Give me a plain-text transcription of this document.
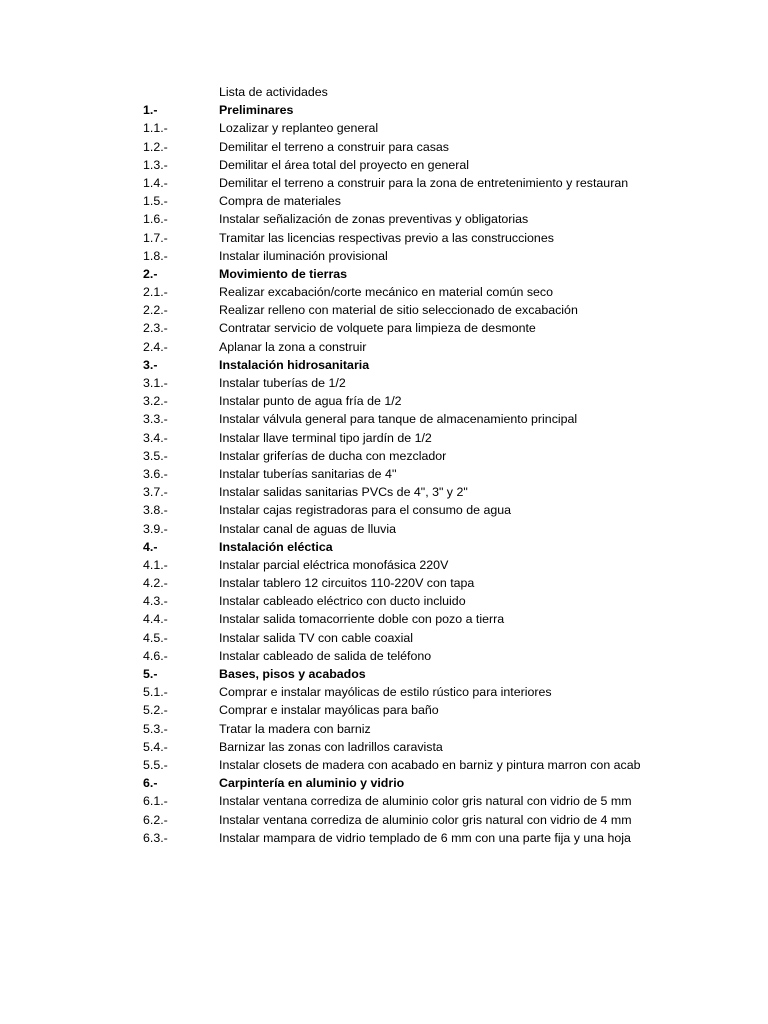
Lista de actividades
1.-	Preliminares
1.1.-	Lozalizar y replanteo general
1.2.-	Demilitar el terreno a construir para casas
1.3.-	Demilitar el área total del proyecto en general
1.4.-	Demilitar el terreno a construir para la zona de entretenimiento y restauran
1.5.-	Compra de materiales
1.6.-	Instalar señalización de zonas preventivas y obligatorias
1.7.-	Tramitar las licencias respectivas previo a las construcciones
1.8.-	Instalar iluminación provisional
2.-	Movimiento de tierras
2.1.-	Realizar excabación/corte mecánico en material común seco
2.2.-	Realizar relleno con material de sitio seleccionado de excabación
2.3.-	Contratar servicio de volquete para limpieza de desmonte
2.4.-	Aplanar la zona a construir
3.-	Instalación hidrosanitaria
3.1.-	Instalar tuberías de 1/2
3.2.-	Instalar punto de agua fría de 1/2
3.3.-	Instalar válvula general para tanque de almacenamiento principal
3.4.-	Instalar llave terminal tipo jardín de 1/2
3.5.-	Instalar griferías de ducha con mezclador
3.6.-	Instalar tuberías sanitarias de 4''
3.7.-	Instalar salidas sanitarias PVCs de 4", 3" y 2"
3.8.-	Instalar cajas registradoras para el consumo de agua
3.9.-	Instalar canal de aguas de lluvia
4.-	Instalación eléctica
4.1.-	Instalar parcial eléctrica monofásica 220V
4.2.-	Instalar tablero 12 circuitos 110-220V con tapa
4.3.-	Instalar cableado eléctrico con ducto incluido
4.4.-	Instalar salida tomacorriente doble con pozo a tierra
4.5.-	Instalar salida TV con cable coaxial
4.6.-	Instalar cableado de salida de teléfono
5.-	Bases, pisos y acabados
5.1.-	Comprar e instalar mayólicas de estilo rústico para interiores
5.2.-	Comprar e instalar mayólicas para baño
5.3.-	Tratar la madera con barniz
5.4.-	Barnizar las zonas con ladrillos caravista
5.5.-	Instalar closets de madera con acabado en barniz y pintura marron con acab
6.-	Carpintería en aluminio y vidrio
6.1.-	Instalar ventana corrediza de aluminio color gris natural con vidrio de 5 mm
6.2.-	Instalar ventana corrediza de aluminio color gris natural con vidrio de 4 mm
6.3.-	Instalar mampara de vidrio templado de 6 mm con una parte fija y una hoja
